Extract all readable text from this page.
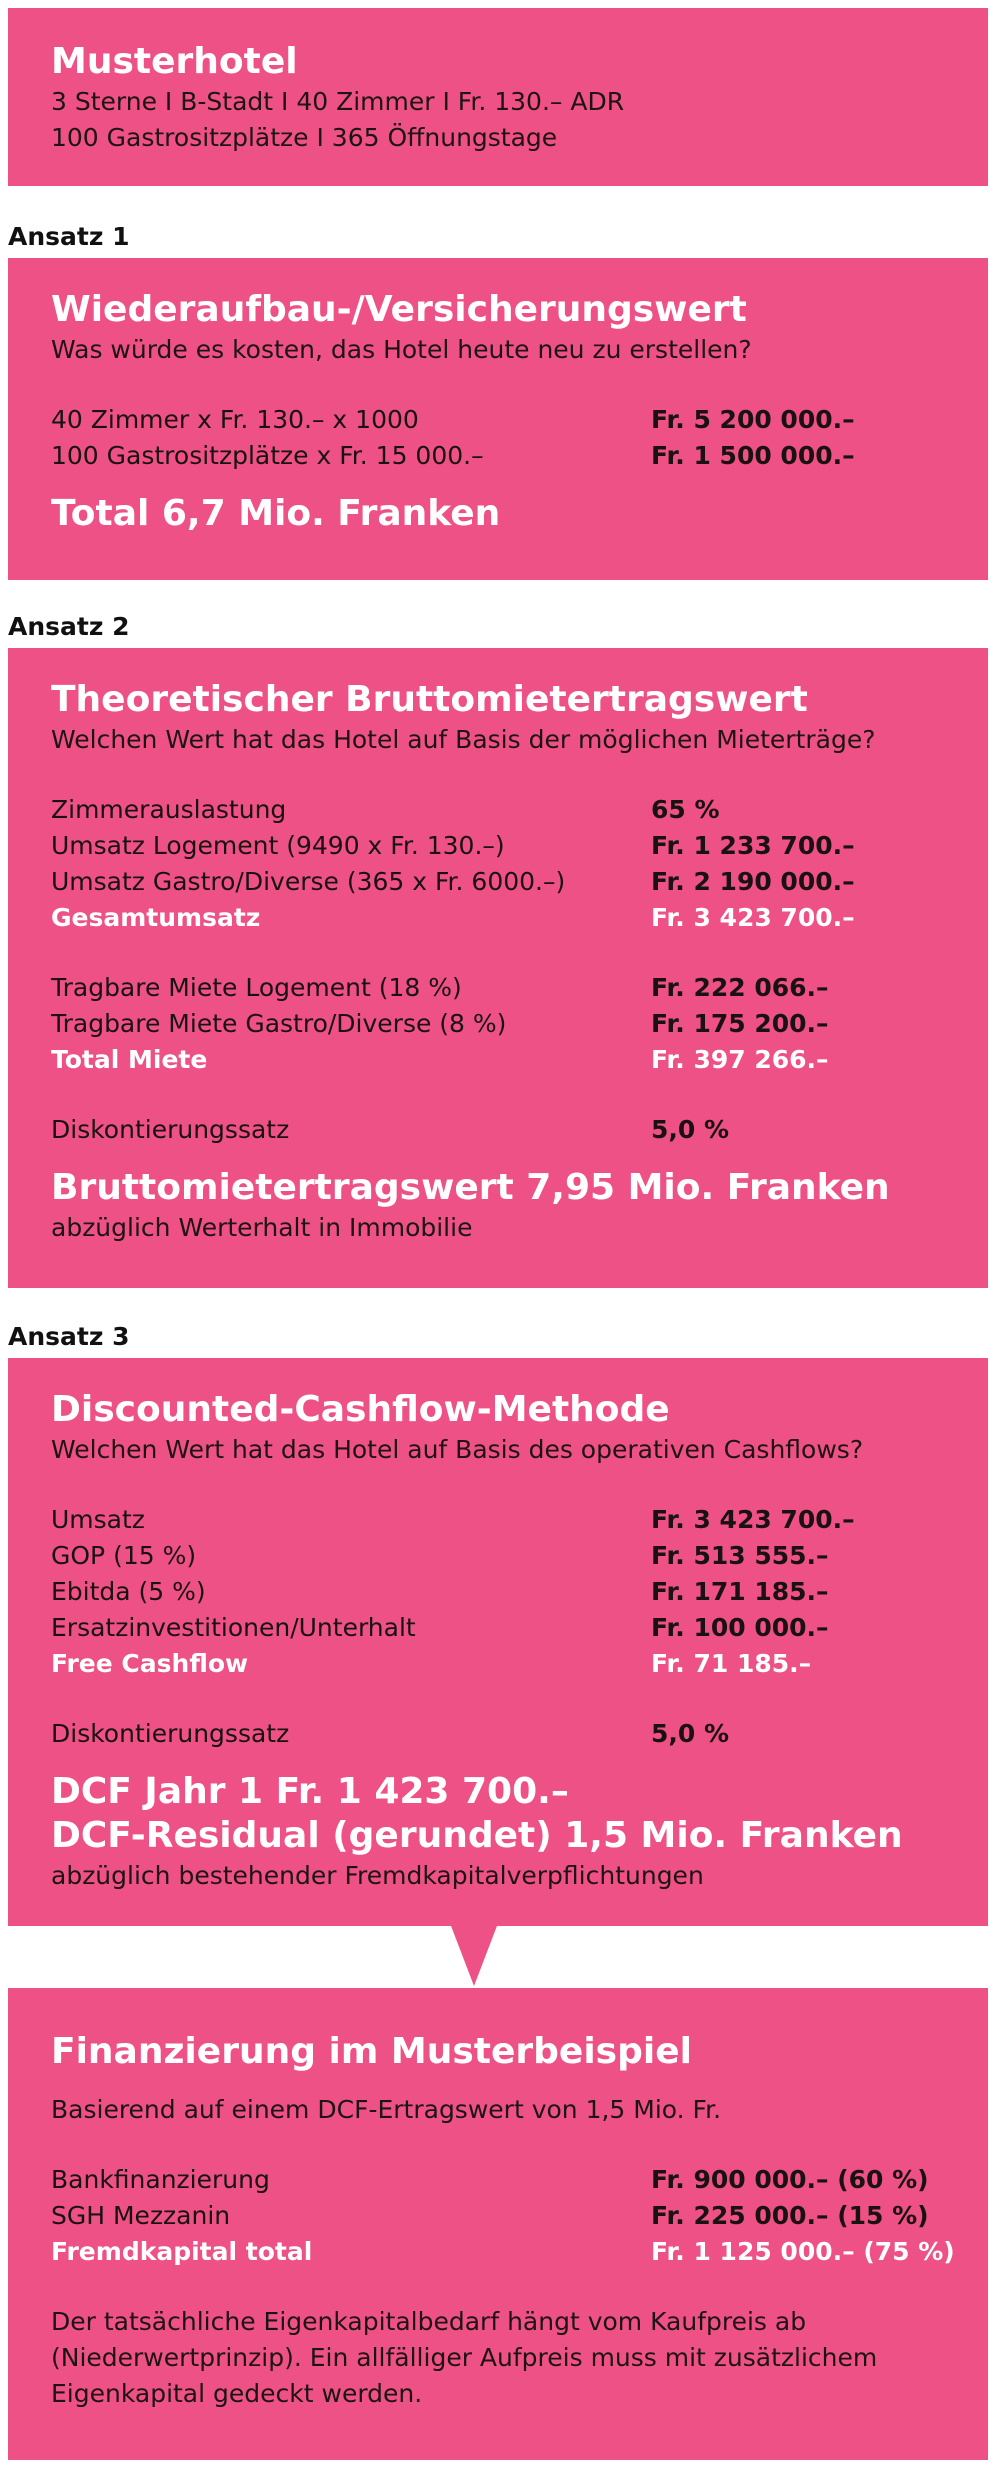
Musterhotel
3 Sterne I B-Stadt I 40 Zimmer I Fr. 130.– ADR
100 Gastrositzplätze I 365 Öffnungstage
Ansatz 1
Wiederaufbau-/Versicherungswert
Was würde es kosten, das Hotel heute neu zu erstellen?
40 Zimmer x Fr. 130.– x 1000	Fr. 5 200 000.–
100 Gastrositzplätze x Fr. 15 000.–	Fr. 1 500 000.–
Total 6,7 Mio. Franken
Ansatz 2
Theoretischer Bruttomietertragswert
Welchen Wert hat das Hotel auf Basis der möglichen Mieterträge?
Zimmerauslastung	65 %
Umsatz Logement (9490 x Fr. 130.–)	Fr. 1 233 700.–
Umsatz Gastro/Diverse (365 x Fr. 6000.–)	Fr. 2 190 000.–
Gesamtumsatz	Fr. 3 423 700.–
Tragbare Miete Logement (18 %)	Fr. 222 066.–
Tragbare Miete Gastro/Diverse (8 %)	Fr. 175 200.–
Total Miete	Fr. 397 266.–
Diskontierungssatz	5,0 %
Bruttomietertragswert 7,95 Mio. Franken
abzüglich Werterhalt in Immobilie
Ansatz 3
Discounted-Cashflow-Methode
Welchen Wert hat das Hotel auf Basis des operativen Cashflows?
Umsatz	Fr. 3 423 700.–
GOP (15 %)	Fr. 513 555.–
Ebitda (5 %)	Fr. 171 185.–
Ersatzinvestitionen/Unterhalt	Fr. 100 000.–
Free Cashflow	Fr. 71 185.–
Diskontierungssatz	5,0 %
DCF Jahr 1 Fr. 1 423 700.–
DCF-Residual (gerundet) 1,5 Mio. Franken
abzüglich bestehender Fremdkapitalverpflichtungen
Finanzierung im Musterbeispiel
Basierend auf einem DCF-Ertragswert von 1,5 Mio. Fr.
Bankfinanzierung	Fr. 900 000.– (60 %)
SGH Mezzanin	Fr. 225 000.– (15 %)
Fremdkapital total	Fr. 1 125 000.– (75 %)
Der tatsächliche Eigenkapitalbedarf hängt vom Kaufpreis ab
(Niederwertprinzip). Ein allfälliger Aufpreis muss mit zusätzlichem
Eigenkapital gedeckt werden.
